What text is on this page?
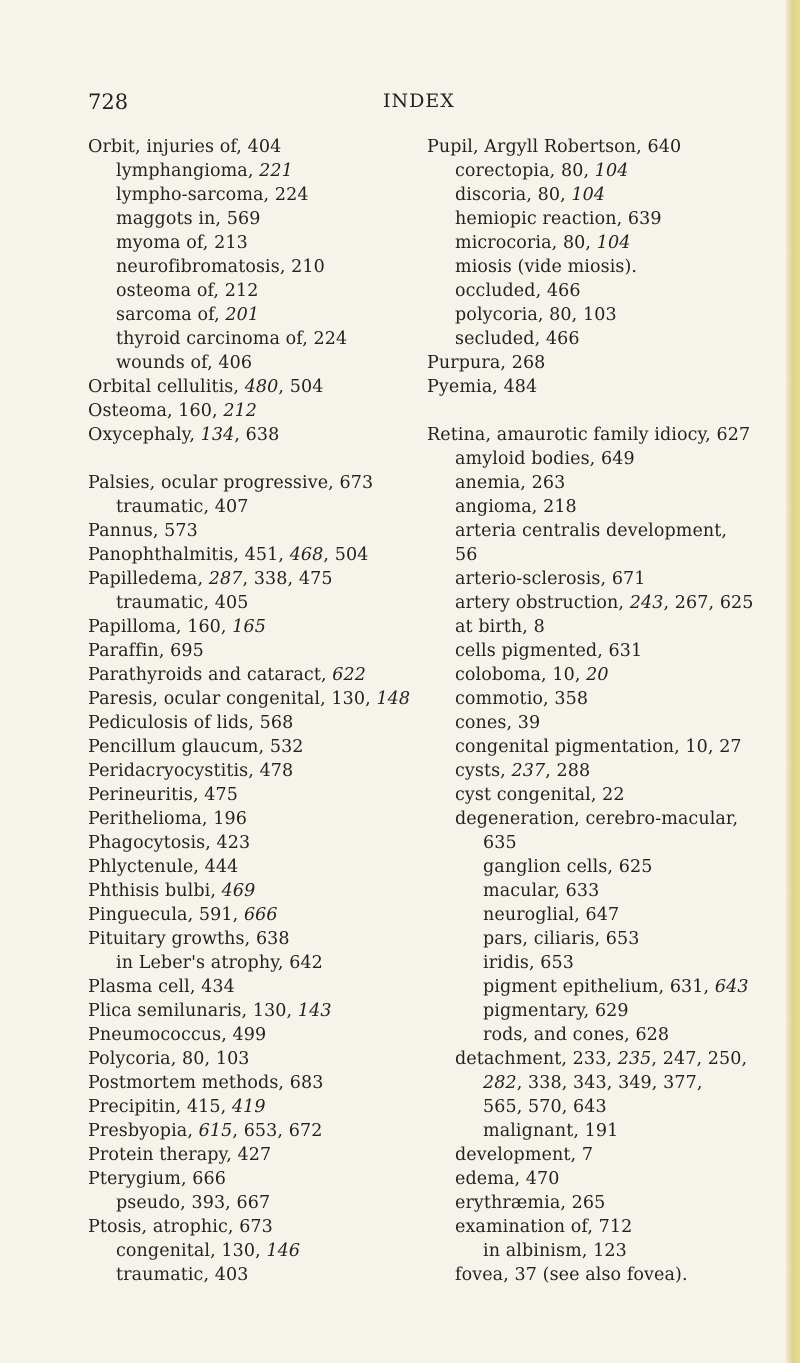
728	INDEX
Orbit, injuries of, 404
lymphangioma, 221
lympho-sarcoma, 224
maggots in, 569
myoma of, 213
neurofibromatosis, 210
osteoma of, 212
sarcoma of, 201
thyroid carcinoma of, 224
wounds of, 406
Orbital cellulitis, 480, 504
Osteoma, 160, 212
Oxycephaly, 134, 638
Palsies, ocular progressive, 673
traumatic, 407
Pannus, 573
Panophthalmitis, 451, 468, 504
Papilledema, 287, 338, 475
traumatic, 405
Papilloma, 160, 165
Paraffin, 695
Parathyroids and cataract, 622
Paresis, ocular congenital, 130, 148
Pediculosis of lids, 568
Pencillum glaucum, 532
Peridacryocystitis, 478
Perineuritis, 475
Perithelioma, 196
Phagocytosis, 423
Phlyctenule, 444
Phthisis bulbi, 469
Pinguecula, 591, 666
Pituitary growths, 638
in Leber's atrophy, 642
Plasma cell, 434
Plica semilunaris, 130, 143
Pneumococcus, 499
Polycoria, 80, 103
Postmortem methods, 683
Precipitin, 415, 419
Presbyopia, 615, 653, 672
Protein therapy, 427
Pterygium, 666
pseudo, 393, 667
Ptosis, atrophic, 673
congenital, 130, 146
traumatic, 403
Pupil, Argyll Robertson, 640
corectopia, 80, 104
discoria, 80, 104
hemiopic reaction, 639
microcoria, 80, 104
miosis (vide miosis).
occluded, 466
polycoria, 80, 103
secluded, 466
Purpura, 268
Pyemia, 484
Retina, amaurotic family idiocy, 627
amyloid bodies, 649
anemia, 263
angioma, 218
arteria centralis development,
56
arterio-sclerosis, 671
artery obstruction, 243, 267, 625
at birth, 8
cells pigmented, 631
coloboma, 10, 20
commotio, 358
cones, 39
congenital pigmentation, 10, 27
cysts, 237, 288
cyst congenital, 22
degeneration, cerebro-macular,
635
ganglion cells, 625
macular, 633
neuroglial, 647
pars, ciliaris, 653
iridis, 653
pigment epithelium, 631, 643
pigmentary, 629
rods, and cones, 628
detachment, 233, 235, 247, 250,
282, 338, 343, 349, 377,
565, 570, 643
malignant, 191
development, 7
edema, 470
erythræmia, 265
examination of, 712
in albinism, 123
fovea, 37 (see also fovea).
